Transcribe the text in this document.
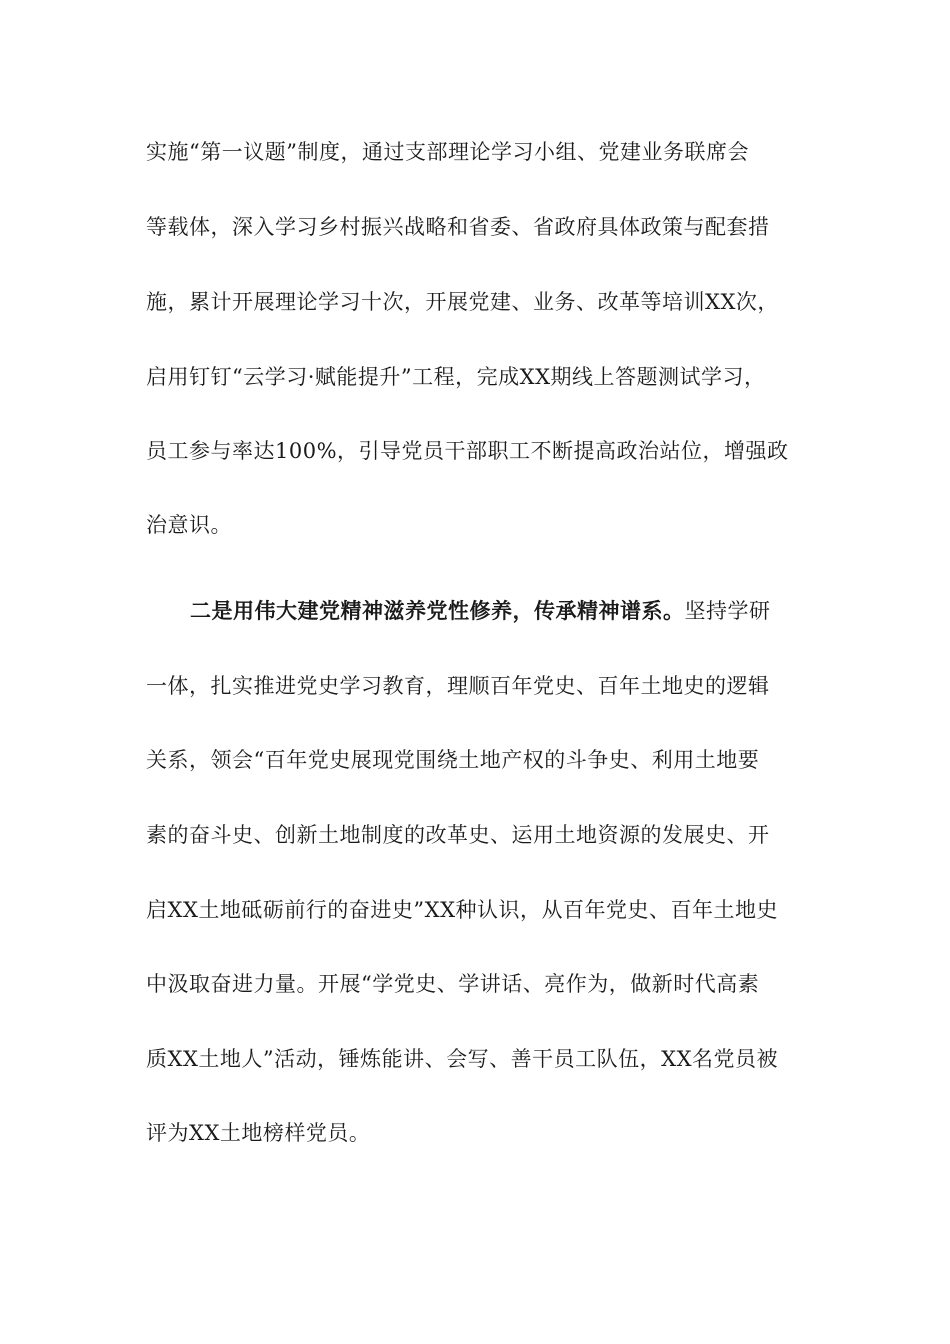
实施“第一议题”制度，通过支部理论学习小组、党建业务联席会
等载体，深入学习乡村振兴战略和省委、省政府具体政策与配套措
施，累计开展理论学习十次，开展党建、业务、改革等培训XX次，
启用钉钉“云学习·赋能提升”工程，完成XX期线上答题测试学习，
员工参与率达100%，引导党员干部职工不断提高政治站位，增强政
治意识。
二是用伟大建党精神滋养党性修养，传承精神谱系。坚持学研
一体，扎实推进党史学习教育，理顺百年党史、百年土地史的逻辑
关系，领会“百年党史展现党围绕土地产权的斗争史、利用土地要
素的奋斗史、创新土地制度的改革史、运用土地资源的发展史、开
启XX土地砥砺前行的奋进史”XX种认识，从百年党史、百年土地史
中汲取奋进力量。开展“学党史、学讲话、亮作为，做新时代高素
质XX土地人”活动，锤炼能讲、会写、善干员工队伍，XX名党员被
评为XX土地榜样党员。
